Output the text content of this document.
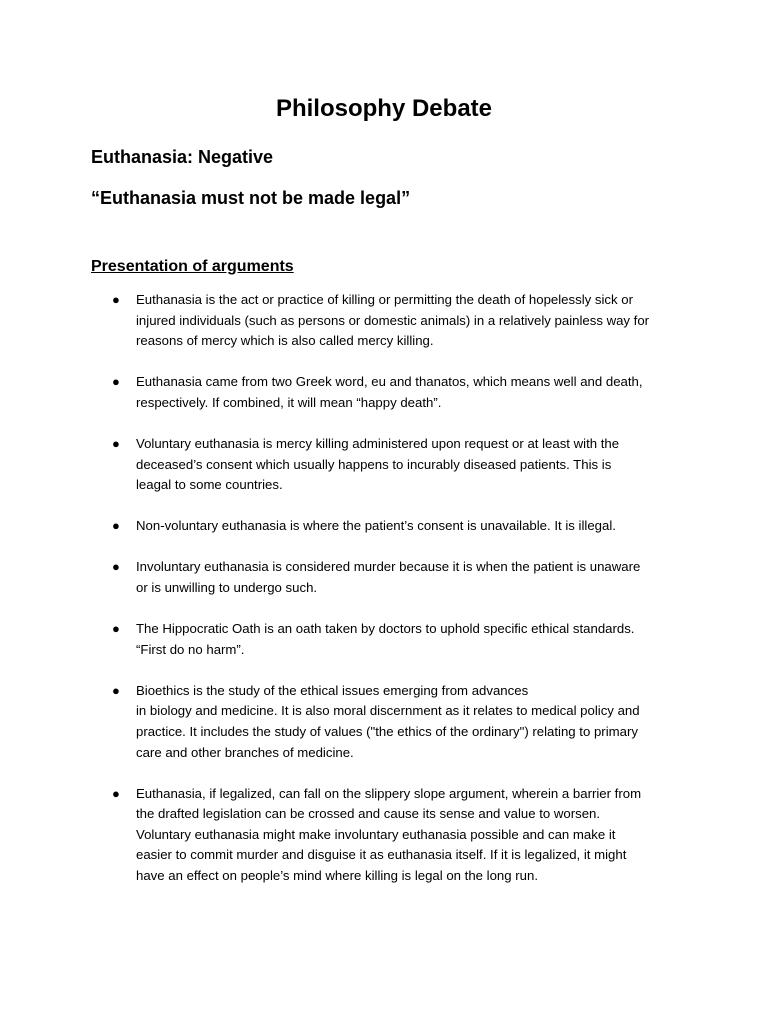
Philosophy Debate
Euthanasia: Negative
“Euthanasia must not be made legal”
Presentation of arguments
● Euthanasia is the act or practice of killing or permitting the death of hopelessly sick or
injured individuals (such as persons or domestic animals) in a relatively painless way for
reasons of mercy which is also called mercy killing.
● Euthanasia came from two Greek word, eu and thanatos, which means well and death,
respectively. If combined, it will mean “happy death”.
● Voluntary euthanasia is mercy killing administered upon request or at least with the
deceased’s consent which usually happens to incurably diseased patients. This is
leagal to some countries.
● Non-voluntary euthanasia is where the patient’s consent is unavailable. It is illegal.
● Involuntary euthanasia is considered murder because it is when the patient is unaware
or is unwilling to undergo such.
● The Hippocratic Oath is an oath taken by doctors to uphold specific ethical standards.
“First do no harm”.
● Bioethics is the study of the ethical issues emerging from advances
in biology and medicine. It is also moral discernment as it relates to medical policy and
practice. It includes the study of values ("the ethics of the ordinary") relating to primary
care and other branches of medicine.
● Euthanasia, if legalized, can fall on the slippery slope argument, wherein a barrier from
the drafted legislation can be crossed and cause its sense and value to worsen.
Voluntary euthanasia might make involuntary euthanasia possible and can make it
easier to commit murder and disguise it as euthanasia itself. If it is legalized, it might
have an effect on people’s mind where killing is legal on the long run.
